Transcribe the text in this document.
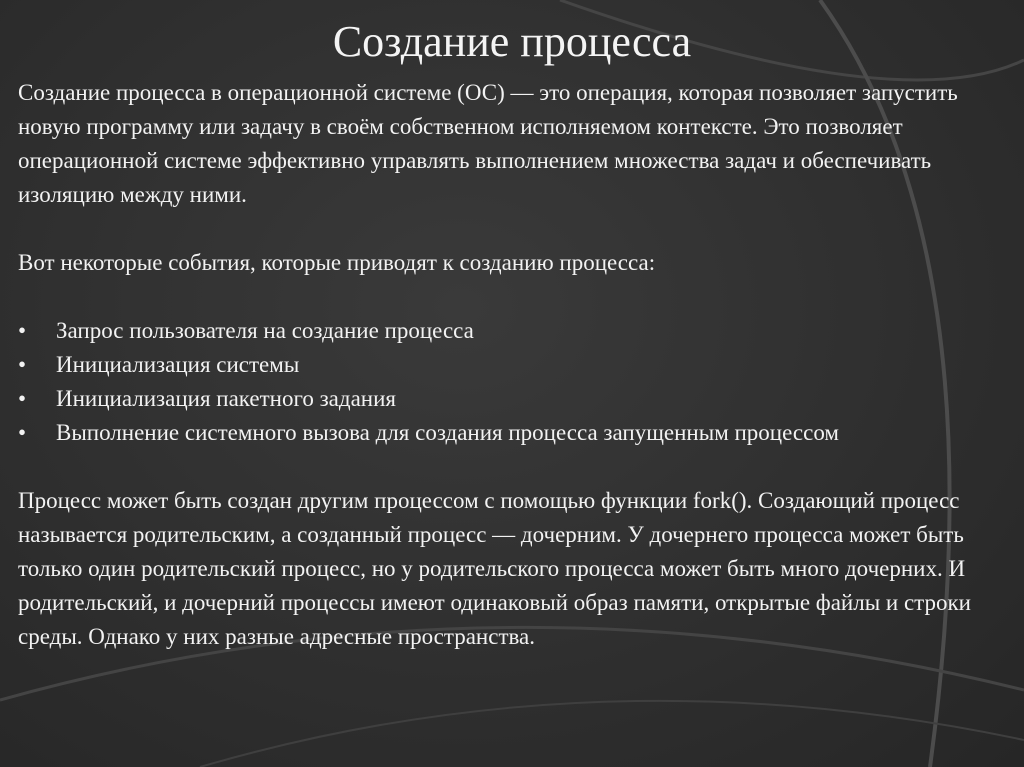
Создание процесса

Создание процесса в операционной системе (ОС) — это операция, которая позволяет запустить новую программу или задачу в своём собственном исполняемом контексте. Это позволяет операционной системе эффективно управлять выполнением множества задач и обеспечивать изоляцию между ними.

Вот некоторые события, которые приводят к созданию процесса:

• Запрос пользователя на создание процесса
• Инициализация системы
• Инициализация пакетного задания
• Выполнение системного вызова для создания процесса запущенным процессом

Процесс может быть создан другим процессом с помощью функции fork(). Создающий процесс называется родительским, а созданный процесс — дочерним. У дочернего процесса может быть только один родительский процесс, но у родительского процесса может быть много дочерних. И родительский, и дочерний процессы имеют одинаковый образ памяти, открытые файлы и строки среды. Однако у них разные адресные пространства.
